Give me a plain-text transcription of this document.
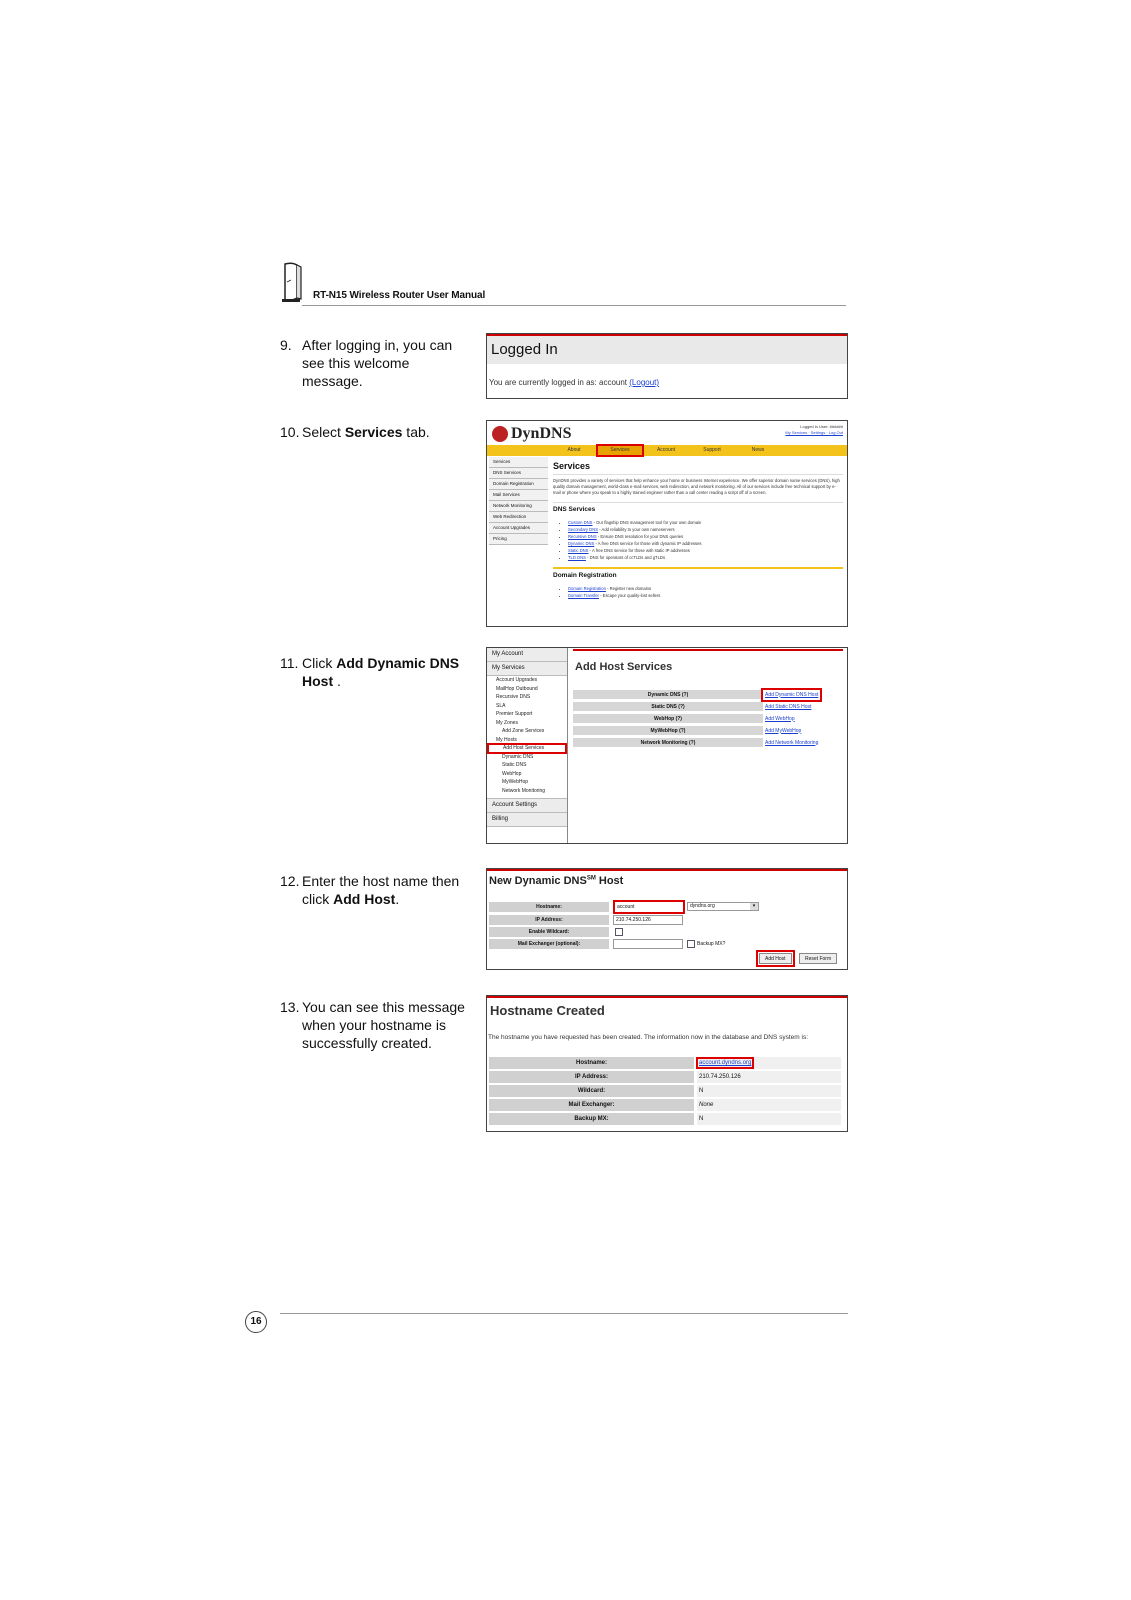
RT-N15 Wireless Router User Manual
9. After logging in, you can see this welcome message.
10. Select Services tab.
11. Click Add Dynamic DNS Host .
12. Enter the host name then click Add Host.
13. You can see this message when your hostname is successfully created.
Logged In
You are currently logged in as: account (Logout)
DynDNS	Logged in User: ######
My Services · Settings · Log Out
About	Services	Account	Support	News
Services
DNS Services
Domain Registration
Mail Services
Network Monitoring
Web Redirection
Account Upgrades
Pricing
Services
DynDNS provides a variety of services that help enhance your home or business Internet experience. We offer superior domain name services (DNS), high quality domain management, world-class e-mail services, web redirection, and network monitoring. All of our services include free technical support by e-mail or phone where you speak to a highly trained engineer rather than a call center reading a script off of a screen.
DNS Services
• Custom DNS - Our flagship DNS management tool for your own domain
• Secondary DNS - Add reliability to your own nameservers
• Recursive DNS - Ensure DNS resolution for your DNS queries
• Dynamic DNS - A free DNS service for those with dynamic IP addresses
• Static DNS - A free DNS service for those with static IP addresses
• TLD DNS - DNS for operators of ccTLDs and gTLDs
Domain Registration
• Domain Registration - Register new domains
• Domain Transfer - Escape your quality-lost sellers
My Account
My Services
Account Upgrades
MailHop Outbound
Recursive DNS
SLA
Premier Support
My Zones
Add Zone Services
My Hosts
Add Host Services
Dynamic DNS
Static DNS
WebHop
MyWebHop
Network Monitoring
Account Settings
Billing
Add Host Services
Dynamic DNS (?)	Add Dynamic DNS Host
Static DNS (?)	Add Static DNS Host
WebHop (?)	Add WebHop
MyWebHop (?)	Add MyWebHop
Network Monitoring (?)	Add Network Monitoring
New Dynamic DNS℠ Host
Hostname:	account	dyndns.org	▾
IP Address:	210.74.250.126
Enable Wildcard:
Mail Exchanger (optional):	Backup MX?
Add Host	Reset Form
Hostname Created
The hostname you have requested has been created. The information now in the database and DNS system is:
Hostname:	account.dyndns.org
IP Address:	210.74.250.126
Wildcard:	N
Mail Exchanger:	None
Backup MX:	N
16
